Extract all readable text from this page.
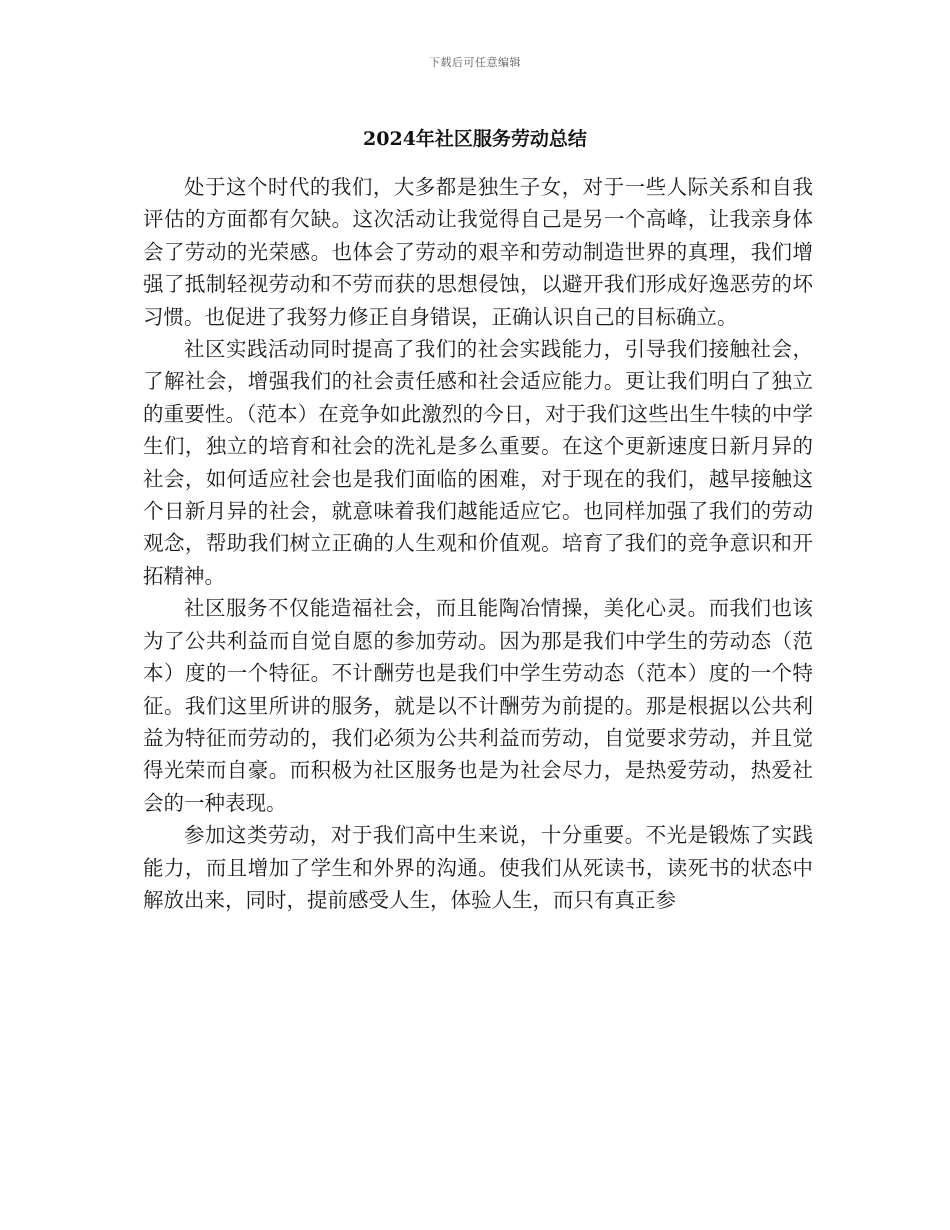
下载后可任意编辑
2024年社区服务劳动总结

处于这个时代的我们，大多都是独生子女，对于一些人际关系和自我评估的方面都有欠缺。这次活动让我觉得自己是另一个高峰，让我亲身体会了劳动的光荣感。也体会了劳动的艰辛和劳动制造世界的真理，我们增强了抵制轻视劳动和不劳而获的思想侵蚀，以避开我们形成好逸恶劳的坏习惯。也促进了我努力修正自身错误，正确认识自己的目标确立。

社区实践活动同时提高了我们的社会实践能力，引导我们接触社会，了解社会，增强我们的社会责任感和社会适应能力。更让我们明白了独立的重要性。（范本）在竞争如此激烈的今日，对于我们这些出生牛犊的中学生们，独立的培育和社会的洗礼是多么重要。在这个更新速度日新月异的社会，如何适应社会也是我们面临的困难，对于现在的我们，越早接触这个日新月异的社会，就意味着我们越能适应它。也同样加强了我们的劳动观念，帮助我们树立正确的人生观和价值观。培育了我们的竞争意识和开拓精神。

社区服务不仅能造福社会，而且能陶冶情操，美化心灵。而我们也该为了公共利益而自觉自愿的参加劳动。因为那是我们中学生的劳动态（范本）度的一个特征。不计酬劳也是我们中学生劳动态（范本）度的一个特征。我们这里所讲的服务，就是以不计酬劳为前提的。那是根据以公共利益为特征而劳动的，我们必须为公共利益而劳动，自觉要求劳动，并且觉得光荣而自豪。而积极为社区服务也是为社会尽力，是热爱劳动，热爱社会的一种表现。

参加这类劳动，对于我们高中生来说，十分重要。不光是锻炼了实践能力，而且增加了学生和外界的沟通。使我们从死读书，读死书的状态中解放出来，同时，提前感受人生，体验人生，而只有真正参
